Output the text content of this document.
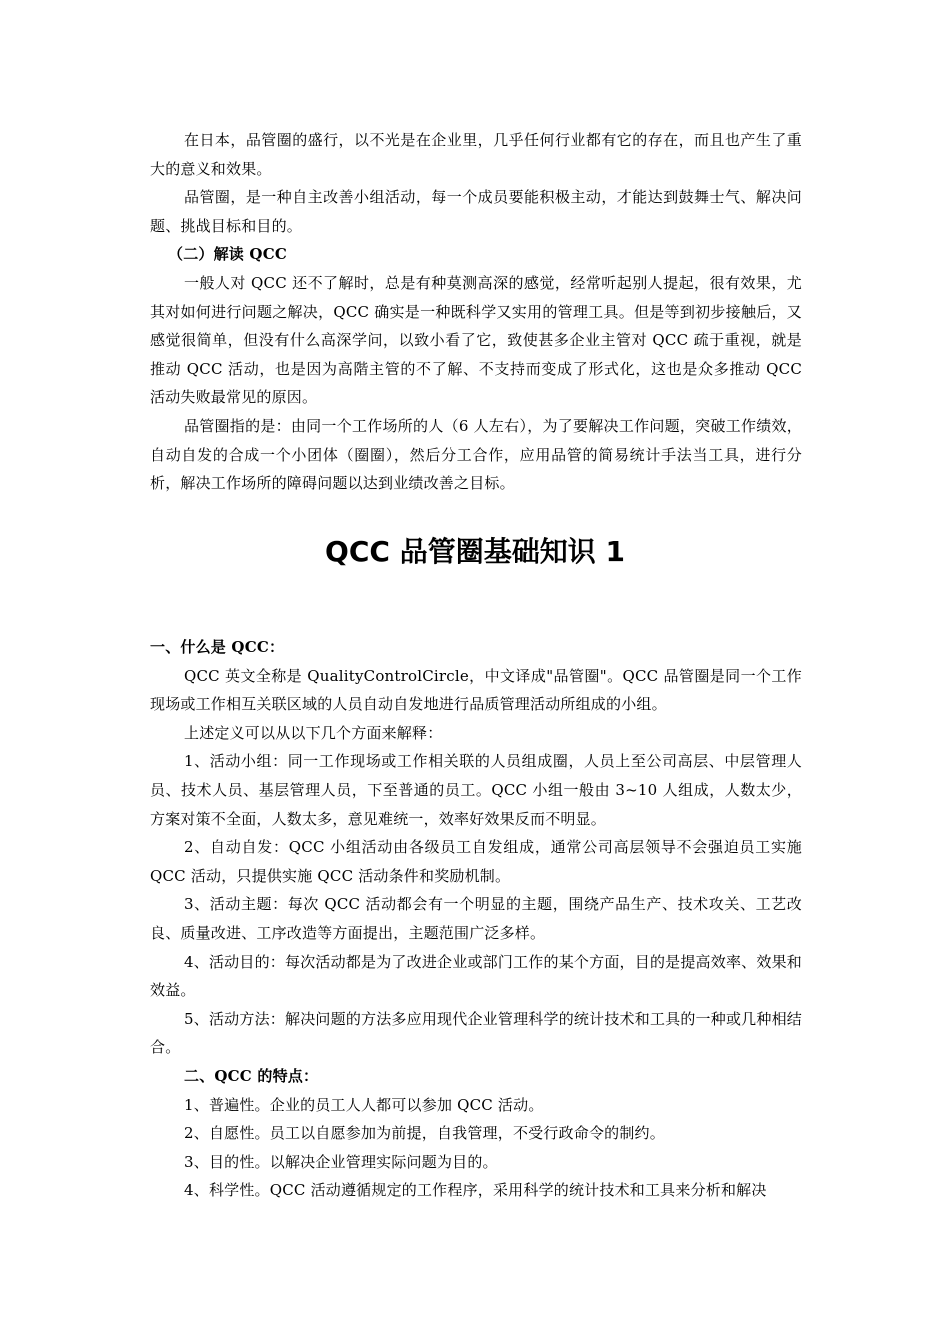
在日本，品管圈的盛行，以不光是在企业里，几乎任何行业都有它的存在，而且也产生了重大的意义和效果。

品管圈，是一种自主改善小组活动，每一个成员要能积极主动，才能达到鼓舞士气、解决问题、挑战目标和目的。

（二）解读 QCC

一般人对 QCC 还不了解时，总是有种莫测高深的感觉，经常听起别人提起，很有效果，尤其对如何进行问题之解决，QCC 确实是一种既科学又实用的管理工具。但是等到初步接触后，又感觉很简单，但没有什么高深学问，以致小看了它，致使甚多企业主管对 QCC 疏于重视，就是推动 QCC 活动，也是因为高階主管的不了解、不支持而变成了形式化，这也是众多推动 QCC 活动失败最常见的原因。

品管圈指的是：由同一个工作场所的人（6 人左右），为了要解决工作问题，突破工作绩效，自动自发的合成一个小团体（圈圈），然后分工合作，应用品管的简易统计手法当工具，进行分析，解决工作场所的障碍问题以达到业绩改善之目标。

QCC 品管圈基础知识 1

一、什么是 QCC：

QCC 英文全称是 QualityControlCircle，中文译成"品管圈"。QCC 品管圈是同一个工作现场或工作相互关联区域的人员自动自发地进行品质管理活动所组成的小组。

上述定义可以从以下几个方面来解释：

1、活动小组：同一工作现场或工作相关联的人员组成圈，人员上至公司高层、中层管理人员、技术人员、基层管理人员，下至普通的员工。QCC 小组一般由 3~10 人组成，人数太少，方案对策不全面，人数太多，意见难统一，效率好效果反而不明显。

2、自动自发：QCC 小组活动由各级员工自发组成，通常公司高层领导不会强迫员工实施 QCC 活动，只提供实施 QCC 活动条件和奖励机制。

3、活动主题：每次 QCC 活动都会有一个明显的主题，围绕产品生产、技术攻关、工艺改良、质量改进、工序改造等方面提出，主题范围广泛多样。

4、活动目的：每次活动都是为了改进企业或部门工作的某个方面，目的是提高效率、效果和效益。

5、活动方法：解决问题的方法多应用现代企业管理科学的统计技术和工具的一种或几种相结合。

二、QCC 的特点：

1、普遍性。企业的员工人人都可以参加 QCC 活动。

2、自愿性。员工以自愿参加为前提，自我管理，不受行政命令的制约。

3、目的性。以解决企业管理实际问题为目的。

4、科学性。QCC 活动遵循规定的工作程序，采用科学的统计技术和工具来分析和解决
